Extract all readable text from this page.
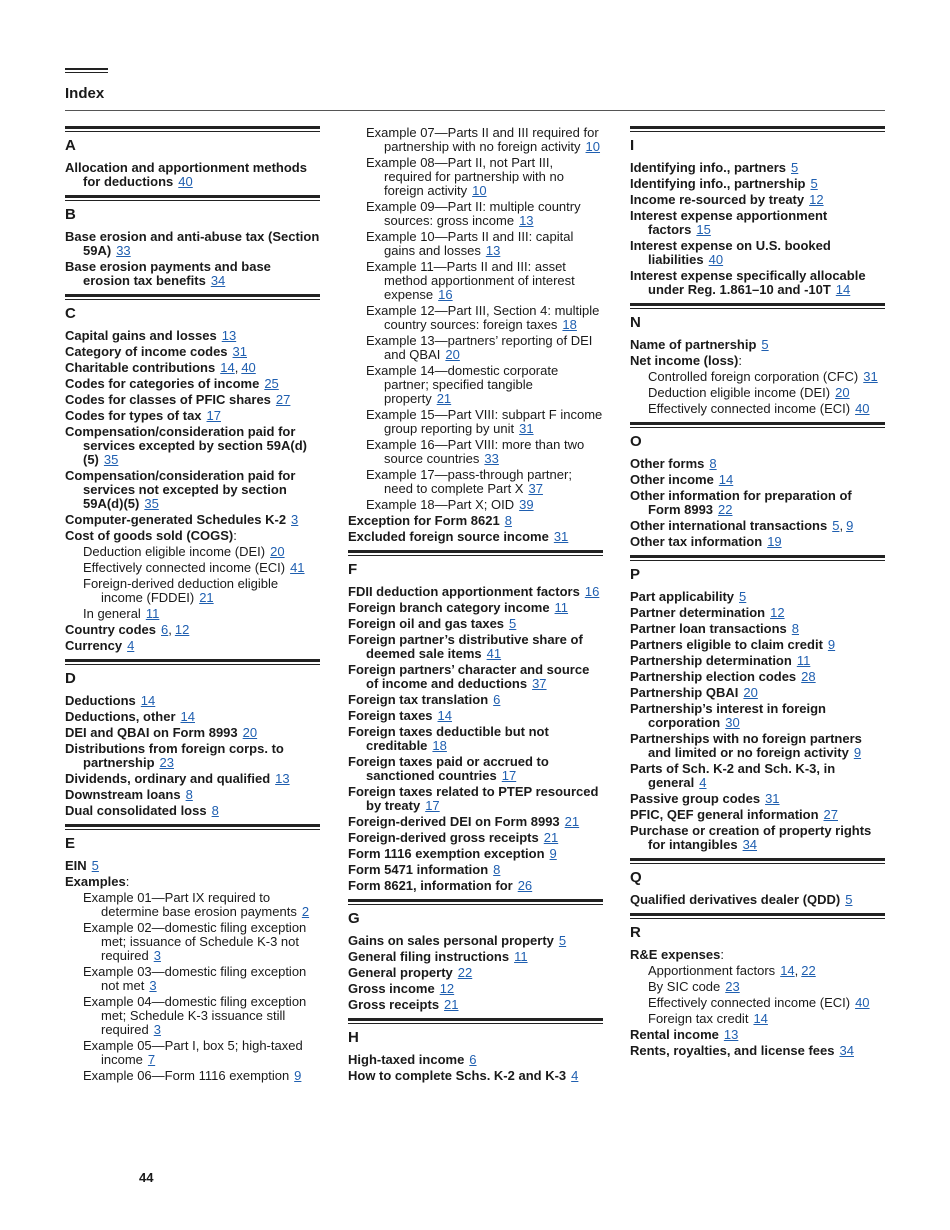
Index
A
Allocation and apportionment methods for deductions 40
B
Base erosion and anti-abuse tax (Section 59A) 33
Base erosion payments and base erosion tax benefits 34
C
Capital gains and losses 13
Category of income codes 31
Charitable contributions 14, 40
Codes for categories of income 25
Codes for classes of PFIC shares 27
Codes for types of tax 17
Compensation/consideration paid for services excepted by section 59A(d)(5) 35
Compensation/consideration paid for services not excepted by section 59A(d)(5) 35
Computer-generated Schedules K-2 3
Cost of goods sold (COGS):
Deduction eligible income (DEI) 20
Effectively connected income (ECI) 41
Foreign-derived deduction eligible income (FDDEI) 21
In general 11
Country codes 6, 12
Currency 4
D
Deductions 14
Deductions, other 14
DEI and QBAI on Form 8993 20
Distributions from foreign corps. to partnership 23
Dividends, ordinary and qualified 13
Downstream loans 8
Dual consolidated loss 8
E
EIN 5
Examples:
Example 01—Part IX required to determine base erosion payments 2
Example 02—domestic filing exception met; issuance of Schedule K-3 not required 3
Example 03—domestic filing exception not met 3
Example 04—domestic filing exception met; Schedule K-3 issuance still required 3
Example 05—Part I, box 5; high-taxed income 7
Example 06—Form 1116 exemption 9
Example 07—Parts II and III required for partnership with no foreign activity 10
Example 08—Part II, not Part III, required for partnership with no foreign activity 10
Example 09—Part II: multiple country sources: gross income 13
Example 10—Parts II and III: capital gains and losses 13
Example 11—Parts II and III: asset method apportionment of interest expense 16
Example 12—Part III, Section 4: multiple country sources: foreign taxes 18
Example 13—partners’ reporting of DEI and QBAI 20
Example 14—domestic corporate partner; specified tangible property 21
Example 15—Part VIII: subpart F income group reporting by unit 31
Example 16—Part VIII: more than two source countries 33
Example 17—pass-through partner; need to complete Part X 37
Example 18—Part X; OID 39
Exception for Form 8621 8
Excluded foreign source income 31
F
FDII deduction apportionment factors 16
Foreign branch category income 11
Foreign oil and gas taxes 5
Foreign partner’s distributive share of deemed sale items 41
Foreign partners’ character and source of income and deductions 37
Foreign tax translation 6
Foreign taxes 14
Foreign taxes deductible but not creditable 18
Foreign taxes paid or accrued to sanctioned countries 17
Foreign taxes related to PTEP resourced by treaty 17
Foreign-derived DEI on Form 8993 21
Foreign-derived gross receipts 21
Form 1116 exemption exception 9
Form 5471 information 8
Form 8621, information for 26
G
Gains on sales personal property 5
General filing instructions 11
General property 22
Gross income 12
Gross receipts 21
H
High-taxed income 6
How to complete Schs. K-2 and K-3 4
I
Identifying info., partners 5
Identifying info., partnership 5
Income re-sourced by treaty 12
Interest expense apportionment factors 15
Interest expense on U.S. booked liabilities 40
Interest expense specifically allocable under Reg. 1.861–10 and -10T 14
N
Name of partnership 5
Net income (loss):
Controlled foreign corporation (CFC) 31
Deduction eligible income (DEI) 20
Effectively connected income (ECI) 40
O
Other forms 8
Other income 14
Other information for preparation of Form 8993 22
Other international transactions 5, 9
Other tax information 19
P
Part applicability 5
Partner determination 12
Partner loan transactions 8
Partners eligible to claim credit 9
Partnership determination 11
Partnership election codes 28
Partnership QBAI 20
Partnership’s interest in foreign corporation 30
Partnerships with no foreign partners and limited or no foreign activity 9
Parts of Sch. K-2 and Sch. K-3, in general 4
Passive group codes 31
PFIC, QEF general information 27
Purchase or creation of property rights for intangibles 34
Q
Qualified derivatives dealer (QDD) 5
R
R&E expenses:
Apportionment factors 14, 22
By SIC code 23
Effectively connected income (ECI) 40
Foreign tax credit 14
Rental income 13
Rents, royalties, and license fees 34
44
